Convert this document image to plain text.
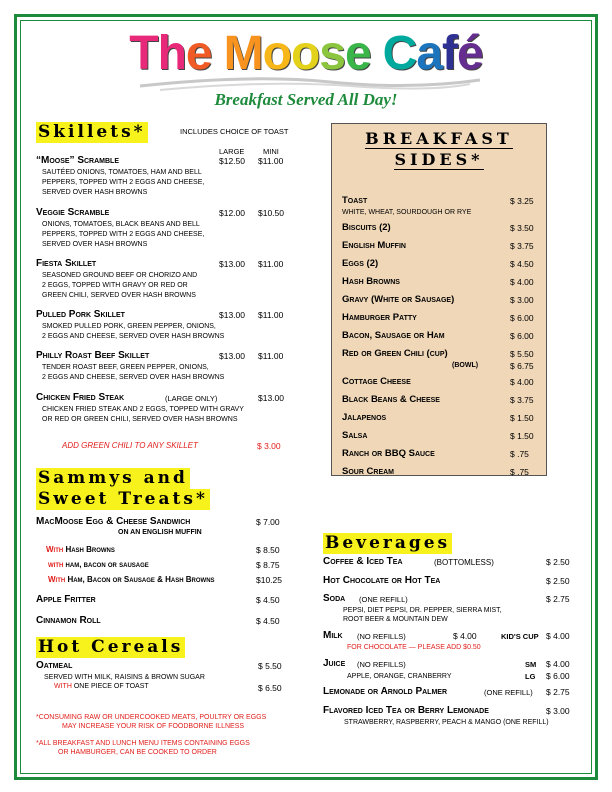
The Moose Café
Breakfast Served All Day!
Skillets*	INCLUDES CHOICE OF TOAST
LARGE MINI
“Moose” Scramble	$12.50 $11.00
SAUTÉED ONIONS, TOMATOES, HAM AND BELL
PEPPERS, TOPPED WITH 2 EGGS AND CHEESE,
SERVED OVER HASH BROWNS
Veggie Scramble	$12.00 $10.50
ONIONS, TOMATOES, BLACK BEANS AND BELL
PEPPERS, TOPPED WITH 2 EGGS AND CHEESE,
SERVED OVER HASH BROWNS
Fiesta Skillet	$13.00 $11.00
SEASONED GROUND BEEF OR CHORIZO AND
2 EGGS, TOPPED WITH GRAVY OR RED OR
GREEN CHILI, SERVED OVER HASH BROWNS
Pulled Pork Skillet	$13.00 $11.00
SMOKED PULLED PORK, GREEN PEPPER, ONIONS,
2 EGGS AND CHEESE, SERVED OVER HASH BROWNS
Philly Roast Beef Skillet	$13.00 $11.00
TENDER ROAST BEEF, GREEN PEPPER, ONIONS,
2 EGGS AND CHEESE, SERVED OVER HASH BROWNS
Chicken Fried Steak	(LARGE ONLY)	$13.00
CHICKEN FRIED STEAK AND 2 EGGS, TOPPED WITH GRAVY
OR RED OR GREEN CHILI, SERVED OVER HASH BROWNS
ADD GREEN CHILI TO ANY SKILLET	$ 3.00
Sammys and
Sweet Treats*
MacMoose Egg & Cheese Sandwich	$ 7.00
ON AN ENGLISH MUFFIN
With Hash Browns	$ 8.50
with ham, bacon or sausage	$ 8.75
With Ham, Bacon or Sausage & Hash Browns	$10.25
Apple Fritter	$ 4.50
Cinnamon Roll	$ 4.50
Hot Cereals
Oatmeal	$ 5.50
SERVED WITH MILK, RAISINS & BROWN SUGAR
WITH ONE PIECE OF TOAST	$ 6.50
*CONSUMING RAW OR UNDERCOOKED MEATS, POULTRY OR EGGS
MAY INCREASE YOUR RISK OF FOODBORNE ILLNESS
*ALL BREAKFAST AND LUNCH MENU ITEMS CONTAINING EGGS
OR HAMBURGER, CAN BE COOKED TO ORDER
BREAKFAST
SIDES*
Toast	$ 3.25
WHITE, WHEAT, SOURDOUGH OR RYE
Biscuits (2)	$ 3.50
English Muffin	$ 3.75
Eggs (2)	$ 4.50
Hash Browns	$ 4.00
Gravy (White or Sausage)	$ 3.00
Hamburger Patty	$ 6.00
Bacon, Sausage or Ham	$ 6.00
Red or Green Chili (cup)	$ 5.50
(BOWL)	$ 6.75
Cottage Cheese	$ 4.00
Black Beans & Cheese	$ 3.75
Jalapenos	$ 1.50
Salsa	$ 1.50
Ranch or BBQ Sauce	$ .75
Sour Cream	$ .75
Beverages
Coffee & Iced Tea	(BOTTOMLESS)	$ 2.50
Hot Chocolate or Hot Tea	$ 2.50
Soda (ONE REFILL)	$ 2.75
PEPSI, DIET PEPSI, DR. PEPPER, SIERRA MIST,
ROOT BEER & MOUNTAIN DEW
Milk (NO REFILLS)	$ 4.00	KID'S CUP $ 4.00
FOR CHOCOLATE — PLEASE ADD $0.50
Juice (NO REFILLS)	SM $ 4.00
APPLE, ORANGE, CRANBERRY	LG $ 6.00
Lemonade or Arnold Palmer	(ONE REFILL) $ 2.75
Flavored Iced Tea or Berry Lemonade	$ 3.00
STRAWBERRY, RASPBERRY, PEACH & MANGO (ONE REFILL)
